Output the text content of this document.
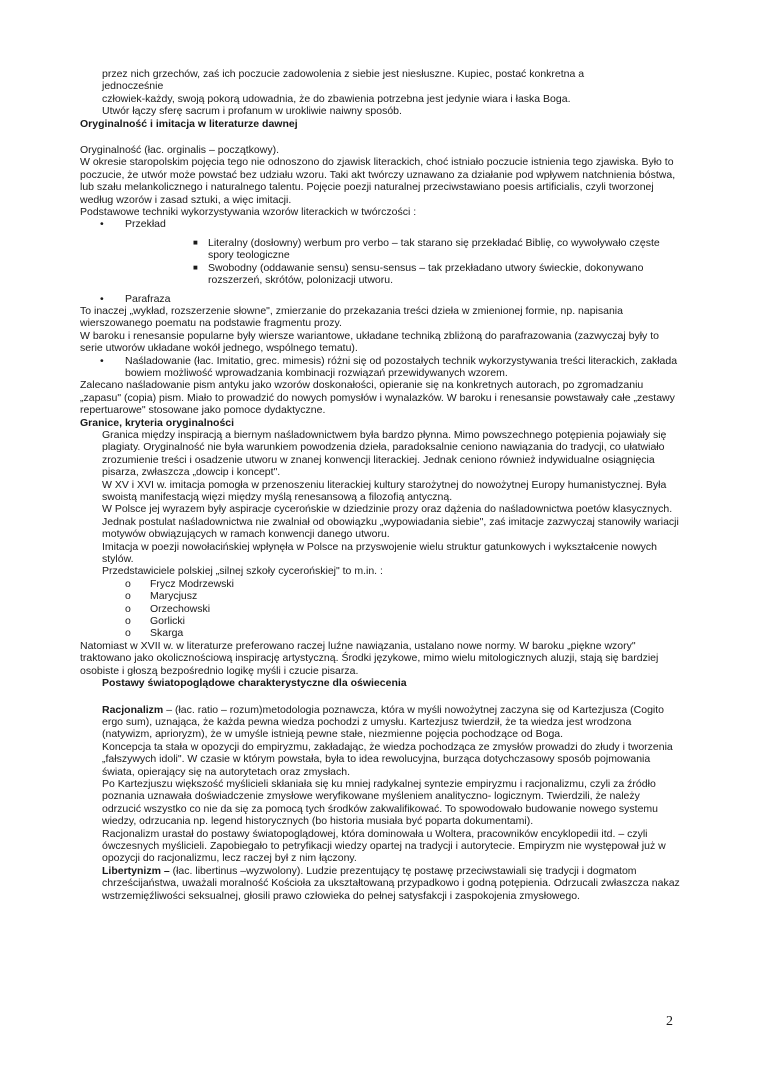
przez nich grzechów, zaś ich poczucie zadowolenia z siebie jest niesłuszne. Kupiec, postać konkretna a

jednocześnie

człowiek-każdy, swoją pokorą udowadnia, że do zbawienia potrzebna jest jedynie wiara i łaska Boga.

Utwór łączy sferę sacrum i profanum w urokliwie naiwny sposób.

Oryginalność i imitacja w literaturze dawnej

Oryginalność (łac. orginalis – początkowy).

W okresie staropolskim pojęcia tego nie odnoszono do zjawisk literackich, choć istniało poczucie istnienia tego zjawiska. Było to poczucie, że utwór może powstać bez udziału wzoru. Taki akt twórczy uznawano za działanie pod wpływem natchnienia bóstwa, lub szału melankolicznego i naturalnego talentu. Pojęcie poezji naturalnej przeciwstawiano poesis artificialis, czyli tworzonej według wzorów i zasad sztuki, a więc imitacji.

Podstawowe techniki wykorzystywania wzorów literackich w twórczości :

• Przekład
■ Literalny (dosłowny) werbum pro verbo – tak starano się przekładać Biblię, co wywoływało częste spory teologiczne
■ Swobodny (oddawanie sensu) sensu-sensus – tak przekładano utwory świeckie, dokonywano rozszerzeń, skrótów, polonizacji utworu.
• Parafraza

To inaczej „wykład, rozszerzenie słowne", zmierzanie do przekazania treści dzieła w zmienionej formie, np. napisania wierszowanego poematu na podstawie fragmentu prozy.

W baroku i renesansie popularne były wiersze wariantowe, układane techniką zbliżoną do parafrazowania (zazwyczaj były to serie utworów układane wokół jednego, wspólnego tematu).

• Naśladowanie (łac. Imitatio, grec. mimesis) różni się od pozostałych technik wykorzystywania treści literackich, zakłada bowiem możliwość wprowadzania kombinacji rozwiązań przewidywanych wzorem.

Zalecano naśladowanie pism antyku jako wzorów doskonałości, opieranie się na konkretnych autorach, po zgromadzaniu „zapasu" (copia) pism. Miało to prowadzić do nowych pomysłów i wynalazków. W baroku i renesansie powstawały całe „zestawy repertuarowe" stosowane jako pomoce dydaktyczne.

Granice, kryteria oryginalności

Granica między inspiracją a biernym naśladownictwem była bardzo płynna. Mimo powszechnego potępienia pojawiały się plagiaty. Oryginalność nie była warunkiem powodzenia dzieła, paradoksalnie ceniono nawiązania do tradycji, co ułatwiało zrozumienie treści i osadzenie utworu w znanej konwencji literackiej. Jednak ceniono również indywidualne osiągnięcia pisarza, zwłaszcza „dowcip i koncept".

W XV i XVI w. imitacja pomogła w przenoszeniu literackiej kultury starożytnej do nowożytnej Europy humanistycznej. Była swoistą manifestacją więzi między myślą renesansową a filozofią antyczną.

W Polsce jej wyrazem były aspiracje cycerońskie w dziedzinie prozy oraz dążenia do naśladownictwa poetów klasycznych. Jednak postulat naśladownictwa nie zwalniał od obowiązku „wypowiadania siebie", zaś imitacje zazwyczaj stanowiły wariacji motywów obwiązujących w ramach konwencji danego utworu.

Imitacja w poezji nowołacińskiej wpłynęła w Polsce na przyswojenie wielu struktur gatunkowych i wykształcenie nowych stylów.

Przedstawiciele polskiej „silnej szkoły cycerońskiej" to m.in. :

o Frycz Modrzewski
o Marycjusz
o Orzechowski
o Gorlicki
o Skarga

Natomiast w XVII w. w literaturze preferowano raczej luźne nawiązania, ustalano nowe normy. W baroku „piękne wzory" traktowano jako okolicznościową inspirację artystyczną. Środki językowe, mimo wielu mitologicznych aluzji, stają się bardziej osobiste i głoszą bezpośrednio logikę myśli i czucie pisarza.

Postawy światopoglądowe charakterystyczne dla oświecenia

Racjonalizm – (łac. ratio – rozum)metodologia poznawcza, która w myśli nowożytnej zaczyna się od Kartezjusza (Cogito ergo sum), uznająca, że każda pewna wiedza pochodzi z umysłu. Kartezjusz twierdził, że ta wiedza jest wrodzona (natywizm, aprioryzm), że w umyśle istnieją pewne stałe, niezmienne pojęcia pochodzące od Boga.

Koncepcja ta stała w opozycji do empiryzmu, zakładając, że wiedza pochodząca ze zmysłów prowadzi do złudy i tworzenia „fałszywych idoli". W czasie w którym powstała, była to idea rewolucyjna, burząca dotychczasowy sposób pojmowania świata, opierający się na autorytetach oraz zmysłach.

Po Kartezjuszu większość myślicieli skłaniała się ku mniej radykalnej syntezie empiryzmu i racjonalizmu, czyli za źródło poznania uznawała doświadczenie zmysłowe weryfikowane myśleniem analityczno- logicznym. Twierdzili, że należy odrzucić wszystko co nie da się za pomocą tych środków zakwalifikować. To spowodowało budowanie nowego systemu wiedzy, odrzucania np. legend historycznych (bo historia musiała być poparta dokumentami).

Racjonalizm urastał do postawy światopoglądowej, która dominowała u Woltera, pracowników encyklopedii itd. – czyli ówczesnych myślicieli. Zapobiegało to petryfikacji wiedzy opartej na tradycji i autorytecie. Empiryzm nie występował już w opozycji do racjonalizmu, lecz raczej był z nim łączony.

Libertynizm – (łac. libertinus –wyzwolony). Ludzie prezentujący tę postawę przeciwstawiali się tradycji i dogmatom chrześcijaństwa, uważali moralność Kościoła za ukształtowaną przypadkowo i godną potępienia. Odrzucali zwłaszcza nakaz wstrzemięźliwości seksualnej, głosili prawo człowieka do pełnej satysfakcji i zaspokojenia zmysłowego.

2
